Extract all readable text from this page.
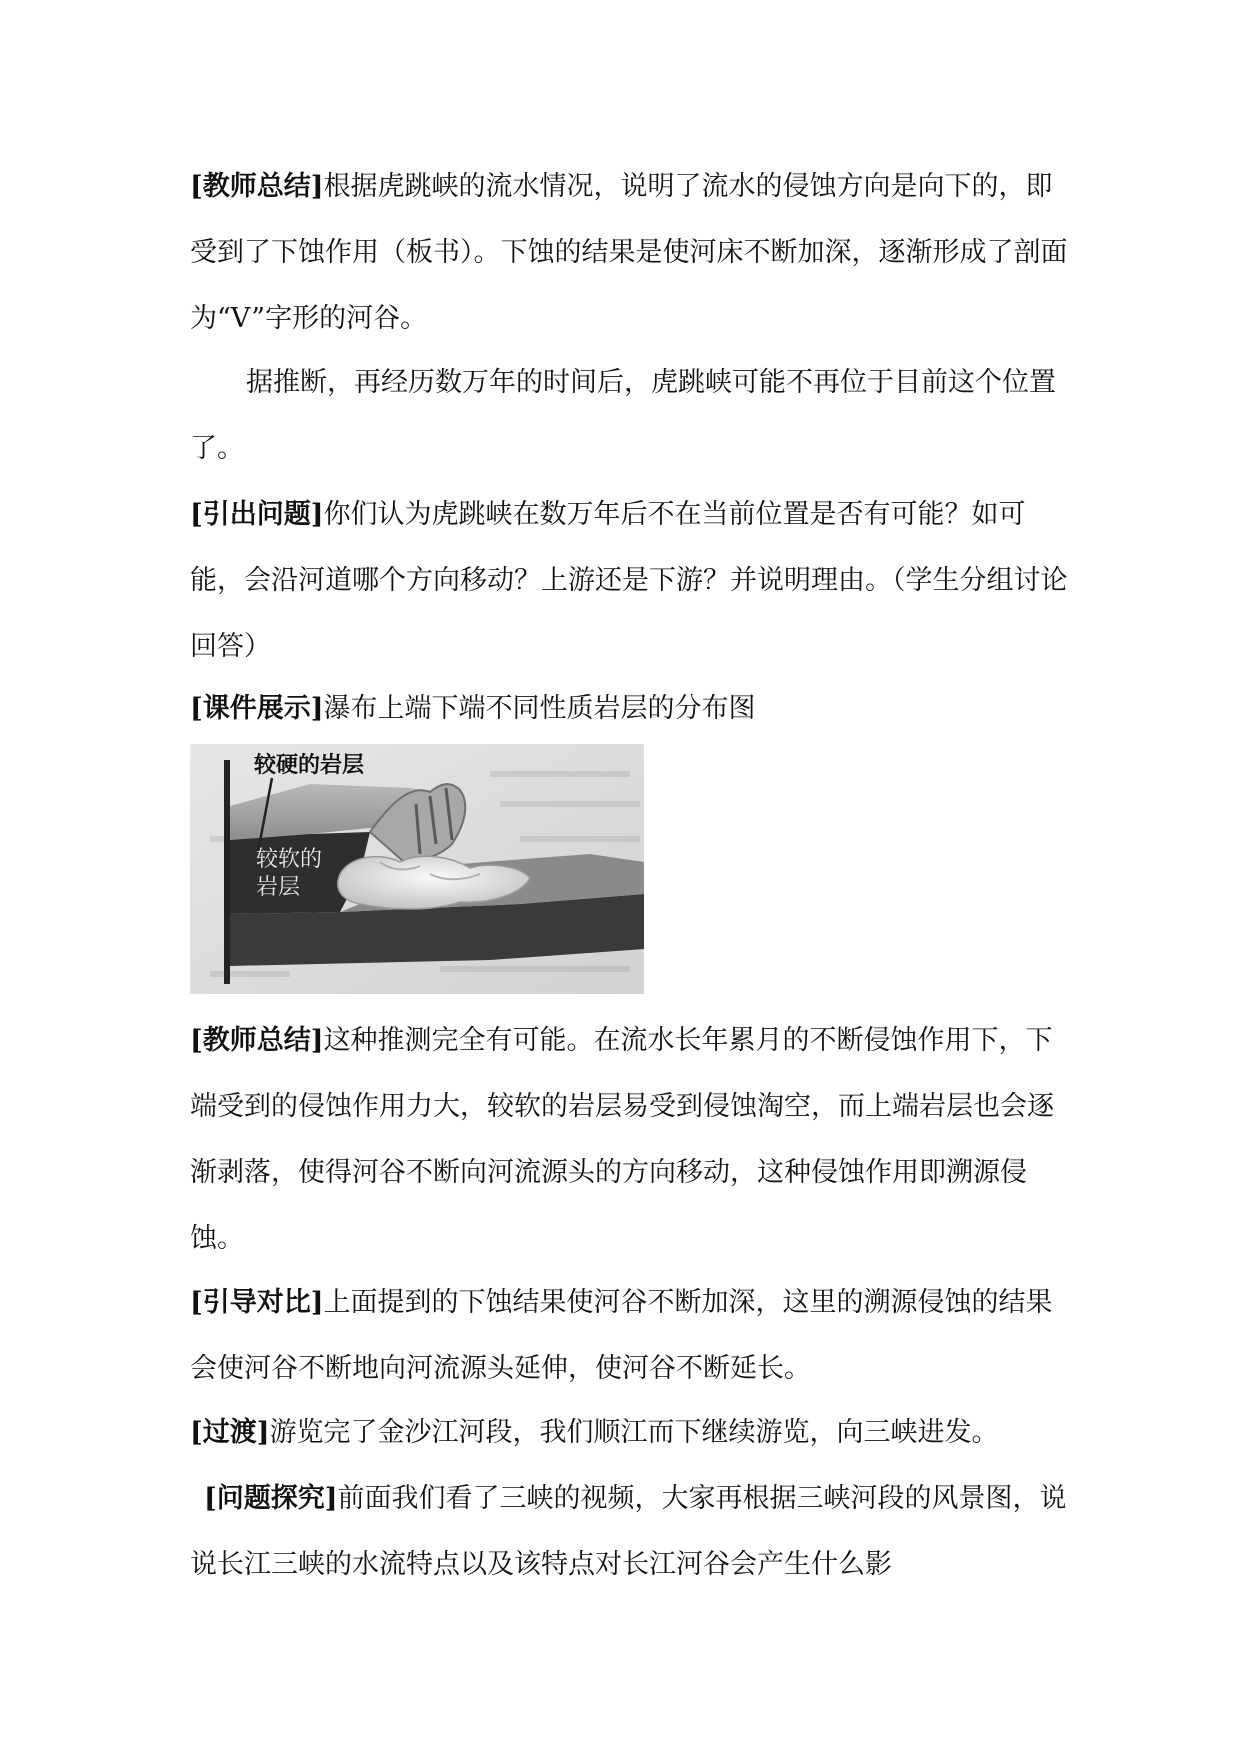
[教师总结]根据虎跳峡的流水情况，说明了流水的侵蚀方向是向下的，即受到了下蚀作用（板书）。下蚀的结果是使河床不断加深，逐渐形成了剖面为“V”字形的河谷。

据推断，再经历数万年的时间后，虎跳峡可能不再位于目前这个位置了。

[引出问题]你们认为虎跳峡在数万年后不在当前位置是否有可能？如可能，会沿河道哪个方向移动？上游还是下游？并说明理由。（学生分组讨论回答）

[课件展示]瀑布上端下端不同性质岩层的分布图

较硬的岩层
较软的
岩层

[教师总结]这种推测完全有可能。在流水长年累月的不断侵蚀作用下，下端受到的侵蚀作用力大，较软的岩层易受到侵蚀淘空，而上端岩层也会逐渐剥落，使得河谷不断向河流源头的方向移动，这种侵蚀作用即溯源侵蚀。

[引导对比]上面提到的下蚀结果使河谷不断加深，这里的溯源侵蚀的结果会使河谷不断地向河流源头延伸，使河谷不断延长。

[过渡]游览完了金沙江河段，我们顺江而下继续游览，向三峡进发。

[问题探究]前面我们看了三峡的视频，大家再根据三峡河段的风景图，说说长江三峡的水流特点以及该特点对长江河谷会产生什么影
